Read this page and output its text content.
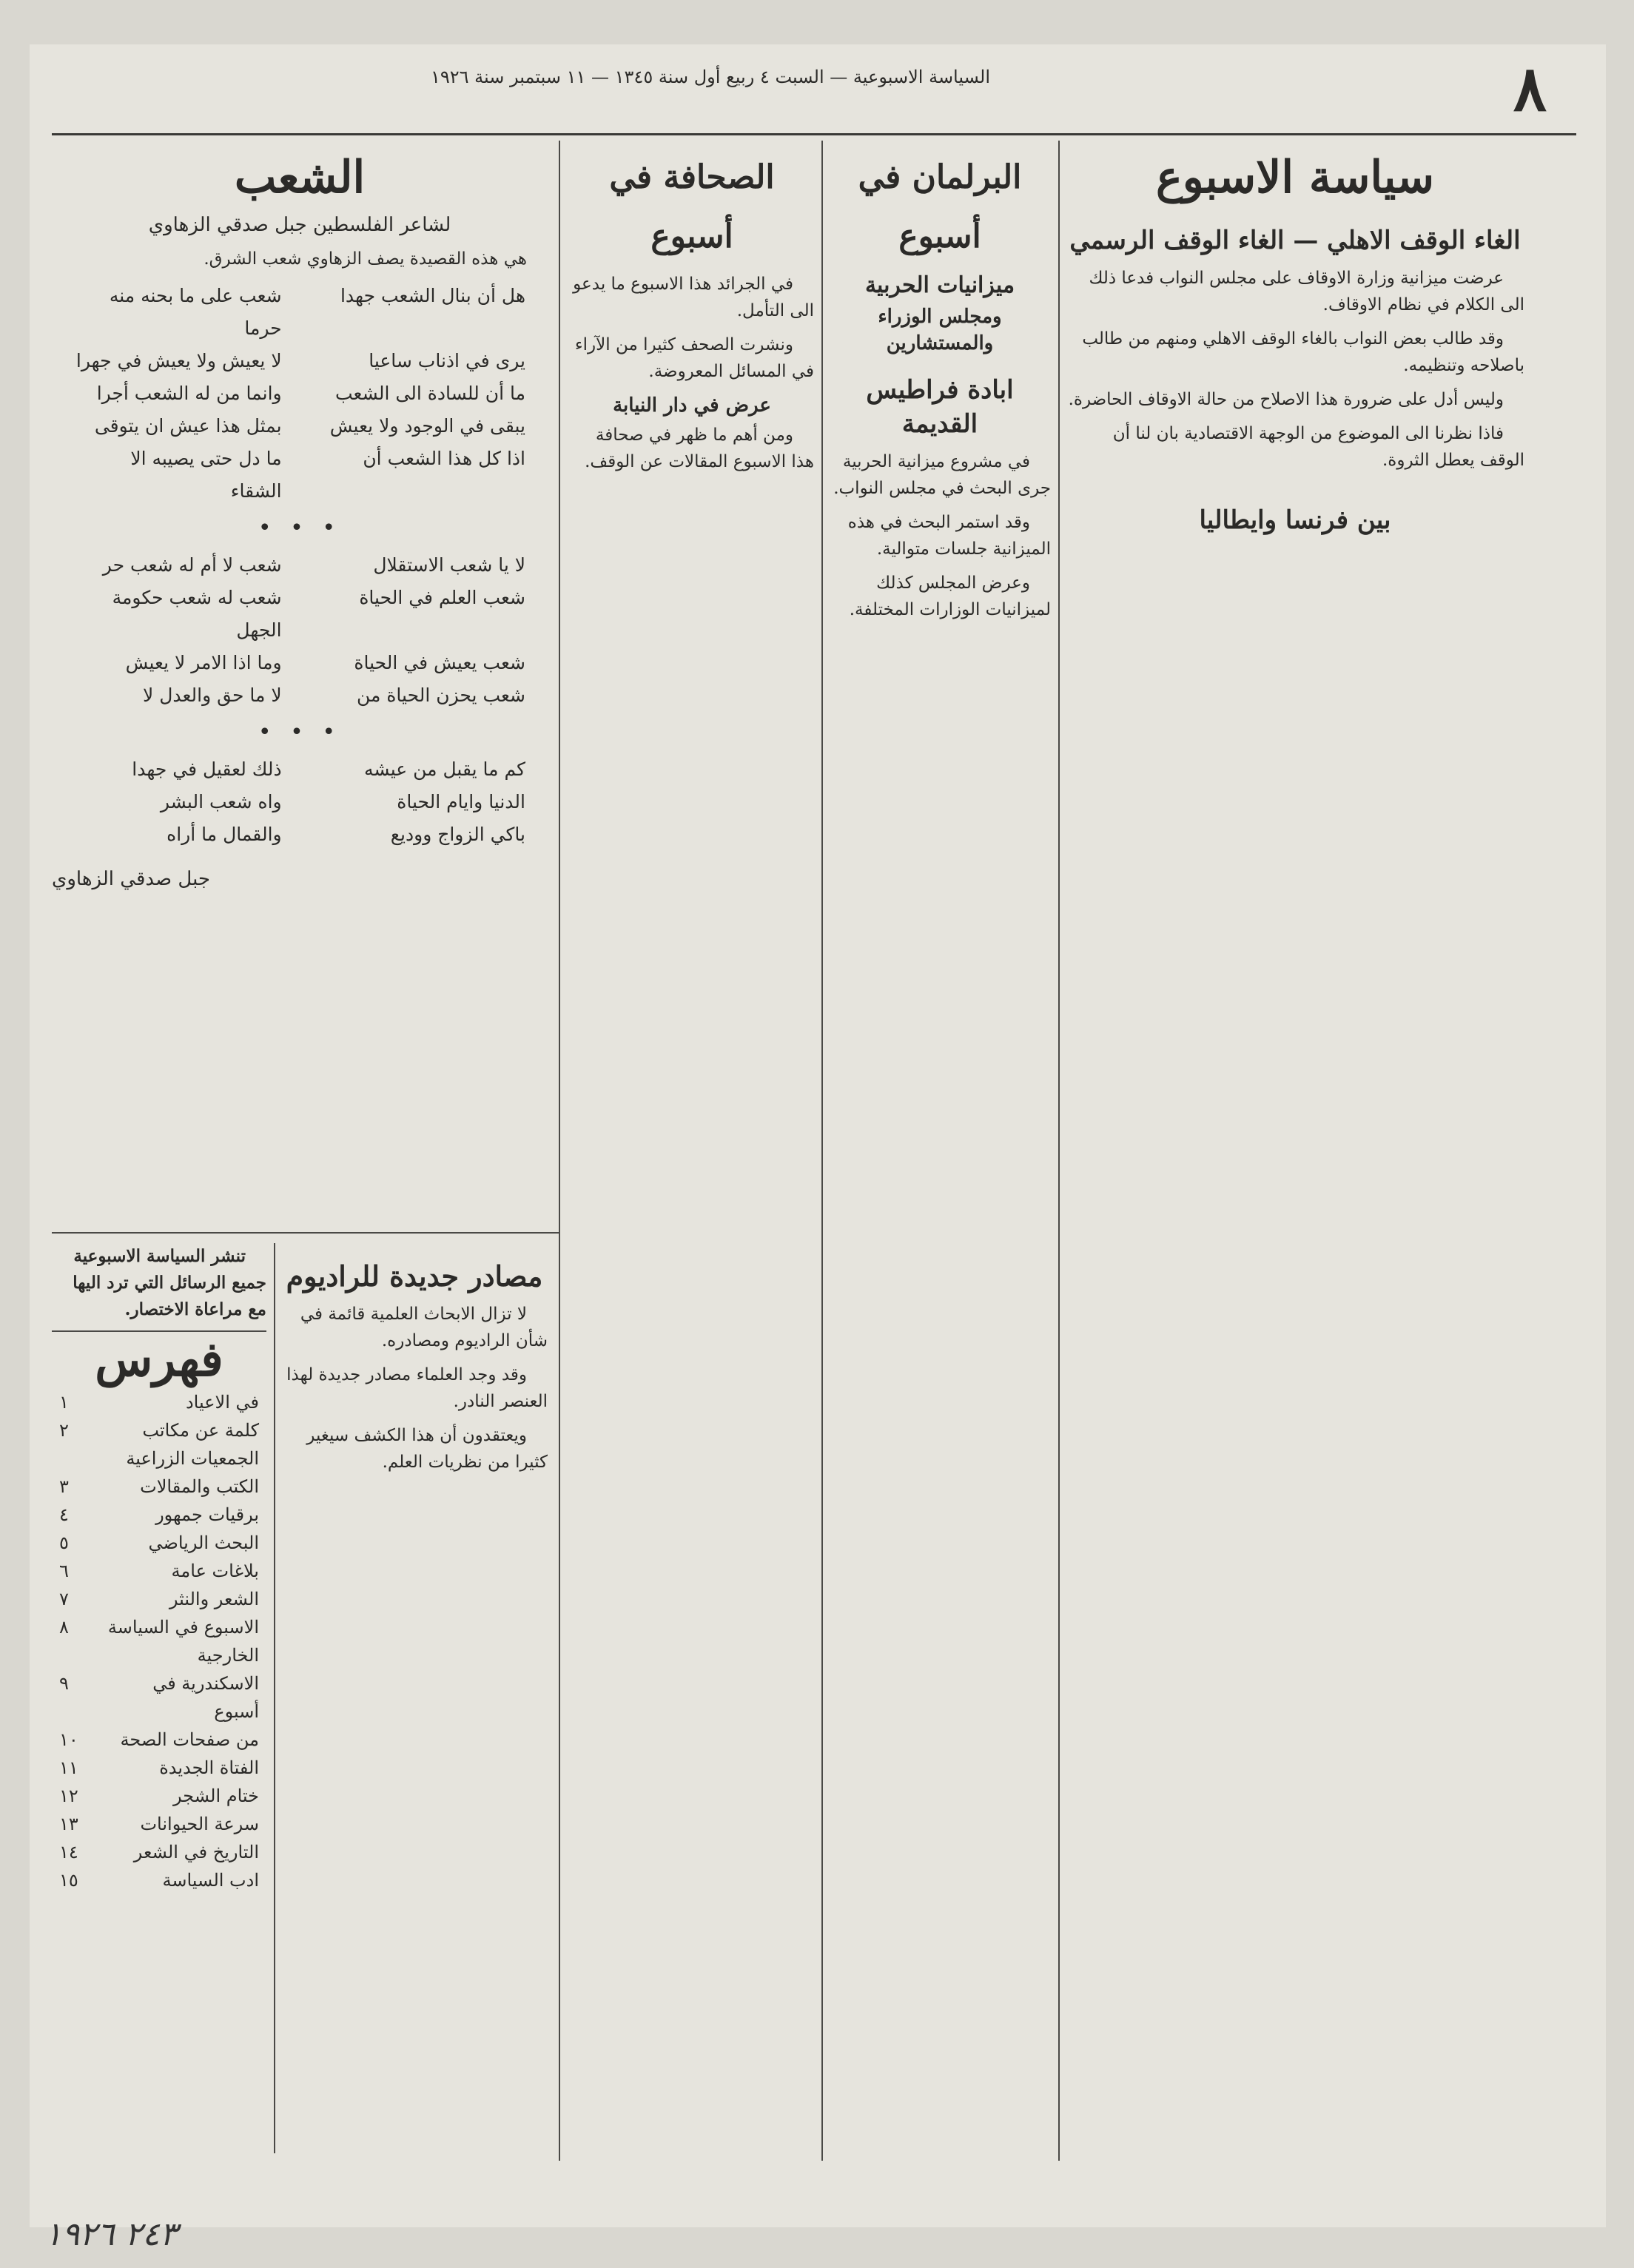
السياسة الاسبوعية — السبت ٤ ربيع أول سنة ١٣٤٥ — ١١ سبتمبر سنة ١٩٢٦	٨
سياسة الاسبوع
الغاء الوقف الاهلي — الغاء الوقف الرسمي

عرضت ميزانية وزارة الاوقاف على مجلس النواب فدعا ذلك الى الكلام في نظام الاوقاف.

وقد طالب بعض النواب بالغاء الوقف الاهلي ومنهم من طالب باصلاحه وتنظيمه.

وليس أدل على ضرورة هذا الاصلاح من حالة الاوقاف الحاضرة.

فاذا نظرنا الى الموضوع من الوجهة الاقتصادية بان لنا أن الوقف يعطل الثروة.

بين فرنسا وايطاليا
البرلمان في أسبوع
ميزانيات الحربية
ومجلس الوزراء والمستشارين
ابادة فراطيس القديمة

في مشروع ميزانية الحربية جرى البحث في مجلس النواب.

وقد استمر البحث في هذه الميزانية جلسات متوالية.

وعرض المجلس كذلك لميزانيات الوزارات المختلفة.

الصحافة في أسبوع

في الجرائد هذا الاسبوع ما يدعو الى التأمل.

ونشرت الصحف كثيرا من الآراء في المسائل المعروضة.

عرض في دار النيابة

ومن أهم ما ظهر في صحافة هذا الاسبوع المقالات عن الوقف.

الشعب
لشاعر الفلسطين جبل صدقي الزهاوي

هي هذه القصيدة يصف الزهاوي شعب الشرق.

هل أن بنال الشعب جهدا
شعب على ما بحنه منه حرما
يرى في اذناب ساعيا
لا يعيش ولا يعيش في جهرا
ما أن للسادة الى الشعب
وانما من له الشعب أجرا
يبقى في الوجود ولا يعيش
بمثل هذا عيش ان يتوقى
اذا كل هذا الشعب أن
ما دل حتى يصيبه الا الشقاء
• • •
لا يا شعب الاستقلال
شعب لا أم له شعب حر
شعب العلم في الحياة
شعب له شعب حكومة الجهل
شعب يعيش في الحياة
وما اذا الامر لا يعيش
شعب يحزن الحياة من
لا ما حق والعدل لا
• • •
كم ما يقبل من عيشه
ذلك لعقيل في جهدا
الدنيا وايام الحياة
واه شعب البشر
باكي الزواج ووديع
والقمال ما أراه
جبل صدقي الزهاوي
مصادر جديدة للراديوم

لا تزال الابحاث العلمية قائمة في شأن الراديوم ومصادره.

وقد وجد العلماء مصادر جديدة لهذا العنصر النادر.

ويعتقدون أن هذا الكشف سيغير كثيرا من نظريات العلم.

تنشر السياسة الاسبوعية جميع الرسائل التي ترد اليها مع مراعاة الاختصار.

فهرس
في الاعياد
١
كلمة عن مكاتب الجمعيات الزراعية
٢
الكتب والمقالات
٣
برقيات جمهور
٤
البحث الرياضي
٥
بلاغات عامة
٦
الشعر والنثر
٧
الاسبوع في السياسة الخارجية
٨
الاسكندرية في أسبوع
٩
من صفحات الصحة
١٠
الفتاة الجديدة
١١
ختام الشجر
١٢
سرعة الحيوانات
١٣
التاريخ في الشعر
١٤
ادب السياسة
١٥
٢٤٣ ١٩٢٦
